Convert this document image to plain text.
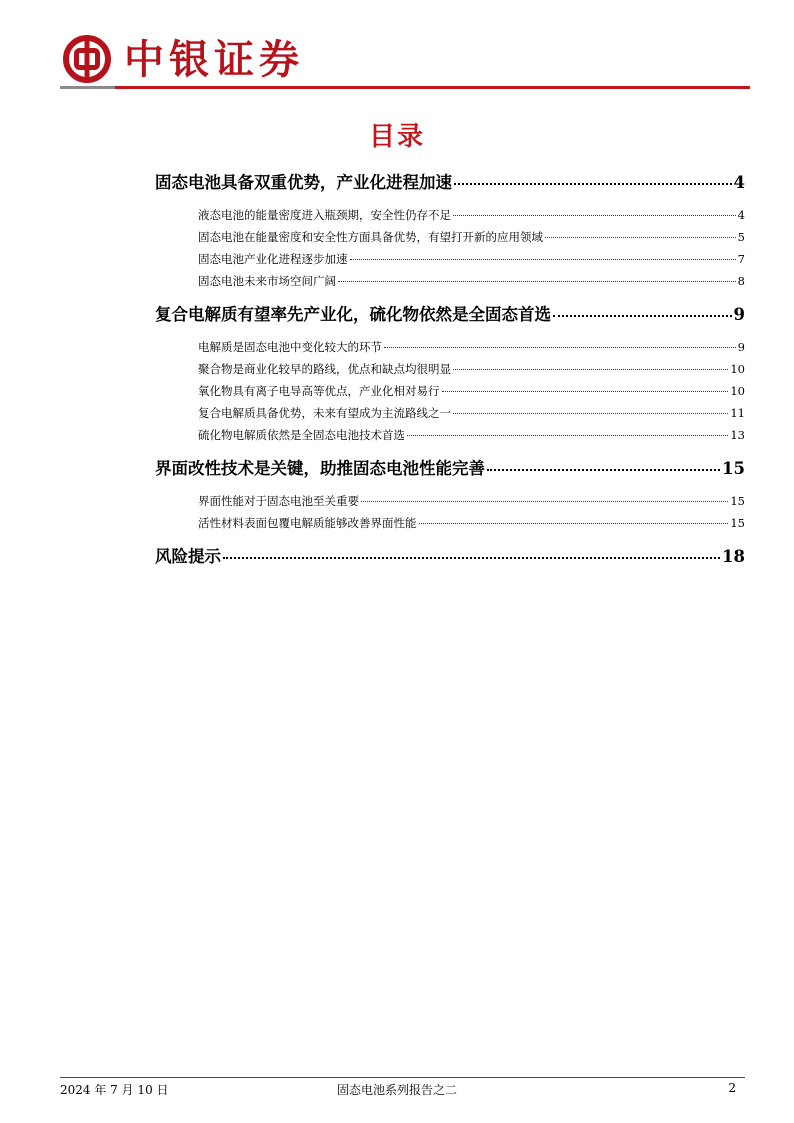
中银证券
目录
固态电池具备双重优势，产业化进程加速	4
液态电池的能量密度进入瓶颈期，安全性仍存不足	4
固态电池在能量密度和安全性方面具备优势，有望打开新的应用领域	5
固态电池产业化进程逐步加速	7
固态电池未来市场空间广阔	8
复合电解质有望率先产业化，硫化物依然是全固态首选	9
电解质是固态电池中变化较大的环节	9
聚合物是商业化较早的路线，优点和缺点均很明显	10
氧化物具有离子电导高等优点，产业化相对易行	10
复合电解质具备优势，未来有望成为主流路线之一	11
硫化物电解质依然是全固态电池技术首选	13
界面改性技术是关键，助推固态电池性能完善	15
界面性能对于固态电池至关重要	15
活性材料表面包覆电解质能够改善界面性能	15
风险提示	18
2024 年 7 月 10 日	固态电池系列报告之二	2
